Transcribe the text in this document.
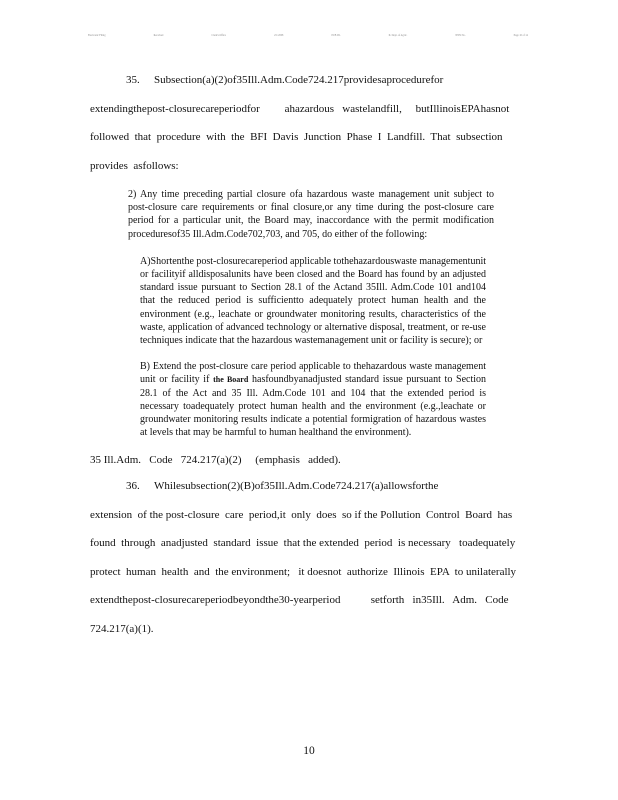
Electronic Filing	Received	Clerk's Office	2/1/2008	PCB 08-	IL Dept. of Agric.	NNN No.	Page 10 of 14
35. Subsection(a)(2)of35Ill.Adm.Code724.217providesaprocedurefor
extendingthepost-closurecareperiodfor         ahazardous   wastelandfill,     butIllinoisEPAhasnot
followed  that  procedure  with  the  BFI  Davis  Junction  Phase  I  Landfill.  That  subsection
provides  asfollows:

2) Any time preceding partial closure ofa hazardous waste management unit subject to post-closure care requirements or final closure,or any time during the post-closure care period for a particular unit, the Board may, inaccordance with the permit modification proceduresof35 Ill.Adm.Code702,703, and 705, do either of the following:

A)Shortenthe post-closurecareperiod applicable tothehazardouswaste managementunit or facilityif alldisposalunits have been closed and the Board has found by an adjusted standard issue pursuant to Section 28.1 of the Actand 35Ill. Adm.Code 101 and104 that the reduced period is sufficientto adequately protect human health and the environment (e.g., leachate or groundwater monitoring results, characteristics of the waste, application of advanced technology or alternative disposal, treatment, or re-use techniques indicate that the hazardous wastemanagement unit or facility is secure); or

B) Extend the post-closure care period applicable to thehazardous waste management unit or facility if the Board hasfoundbyanadjusted standard issue pursuant to Section 28.1 of the Act and 35 Ill. Adm.Code 101 and 104 that the extended period is necessary toadequately protect human health and the environment (e.g.,leachate or groundwater monitoring results indicate a potential formigration of hazardous wastes at levels that may be harmful to human healthand the environment).

35 Ill.Adm.   Code   724.217(a)(2)     (emphasis   added).

36. Whilesubsection(2)(B)of35Ill.Adm.Code724.217(a)allowsforthe
extension  of the post-closure  care  period,it  only  does  so if the Pollution  Control  Board  has
found  through  anadjusted  standard  issue  that the extended  period  is necessary   toadequately
protect  human  health  and  the environment;   it doesnot  authorize  Illinois  EPA  to unilaterally
extendthepost-closurecareperiodbeyondthe30-yearperiod           setforth   in35Ill.   Adm.   Code
724.217(a)(1).
10
